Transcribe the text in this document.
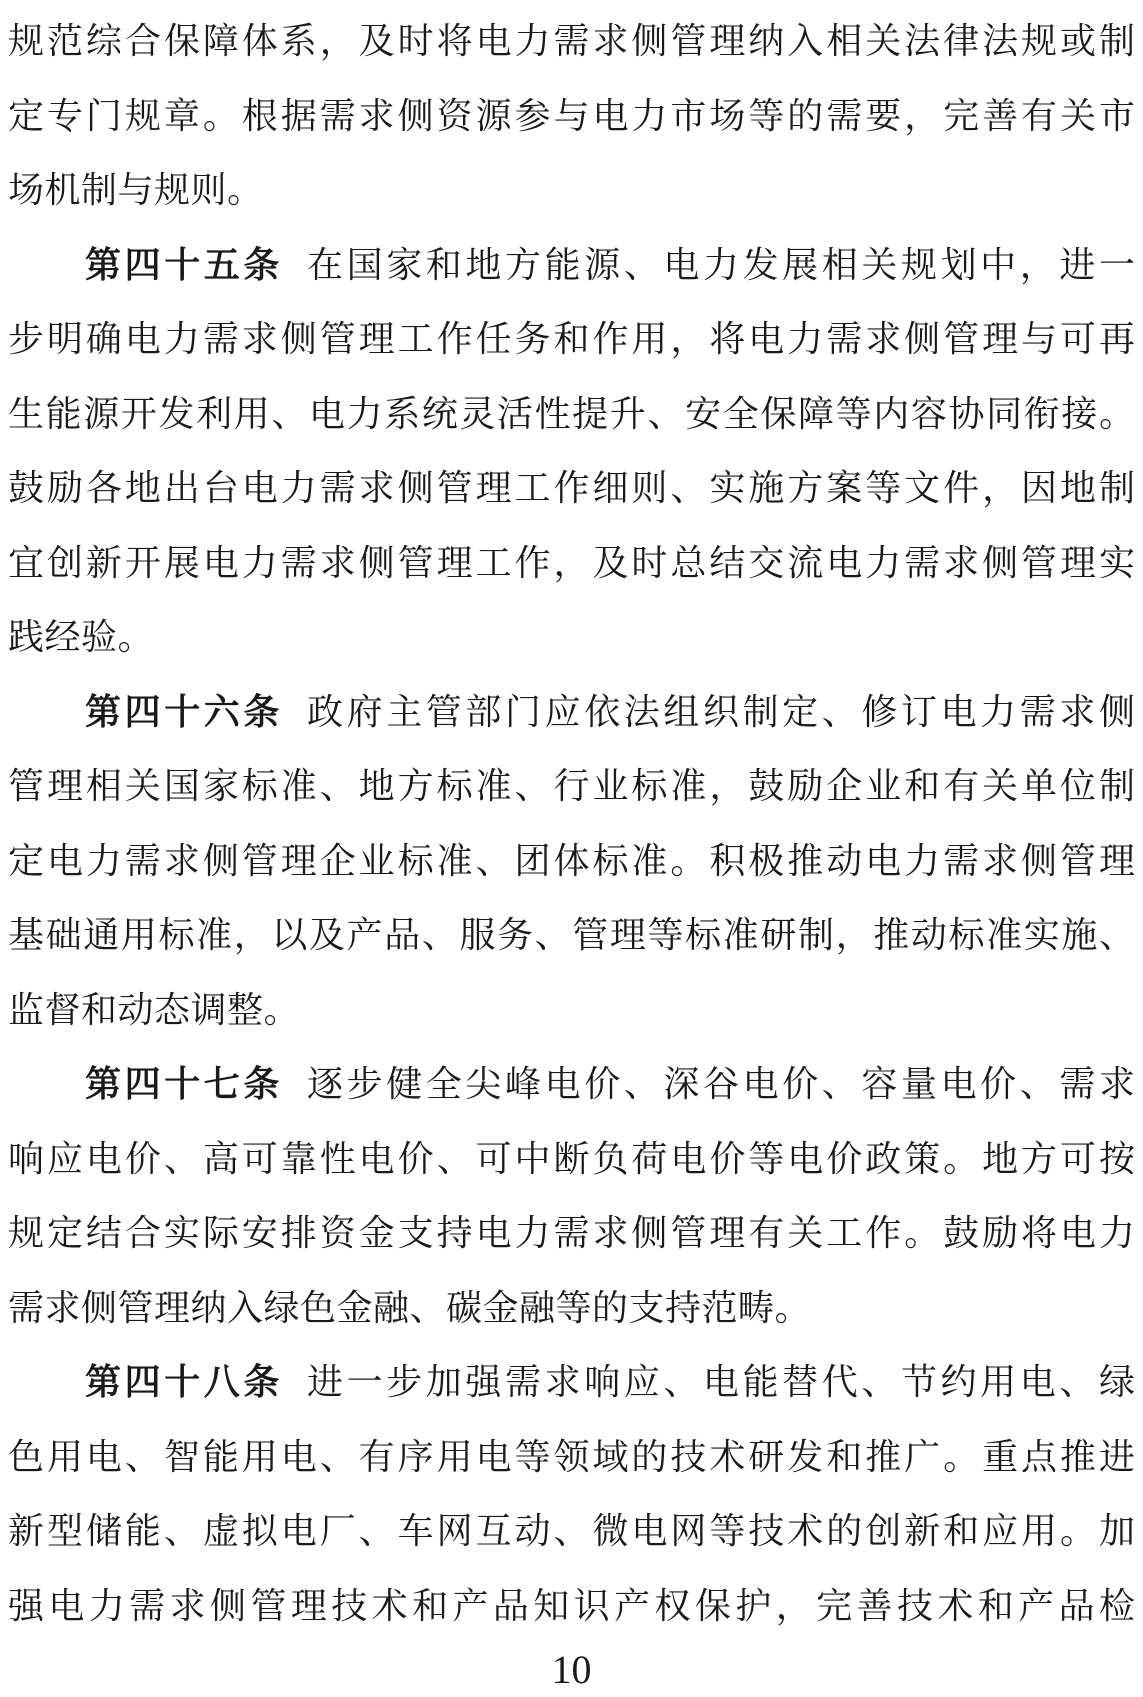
规范综合保障体系，及时将电力需求侧管理纳入相关法律法规或制
定专门规章。根据需求侧资源参与电力市场等的需要，完善有关市
场机制与规则。
第四十五条 在国家和地方能源、电力发展相关规划中，进一
步明确电力需求侧管理工作任务和作用，将电力需求侧管理与可再
生能源开发利用、电力系统灵活性提升、安全保障等内容协同衔接。
鼓励各地出台电力需求侧管理工作细则、实施方案等文件，因地制
宜创新开展电力需求侧管理工作，及时总结交流电力需求侧管理实
践经验。
第四十六条 政府主管部门应依法组织制定、修订电力需求侧
管理相关国家标准、地方标准、行业标准，鼓励企业和有关单位制
定电力需求侧管理企业标准、团体标准。积极推动电力需求侧管理
基础通用标准，以及产品、服务、管理等标准研制，推动标准实施、
监督和动态调整。
第四十七条 逐步健全尖峰电价、深谷电价、容量电价、需求
响应电价、高可靠性电价、可中断负荷电价等电价政策。地方可按
规定结合实际安排资金支持电力需求侧管理有关工作。鼓励将电力
需求侧管理纳入绿色金融、碳金融等的支持范畴。
第四十八条 进一步加强需求响应、电能替代、节约用电、绿
色用电、智能用电、有序用电等领域的技术研发和推广。重点推进
新型储能、虚拟电厂、车网互动、微电网等技术的创新和应用。加
强电力需求侧管理技术和产品知识产权保护，完善技术和产品检
10
